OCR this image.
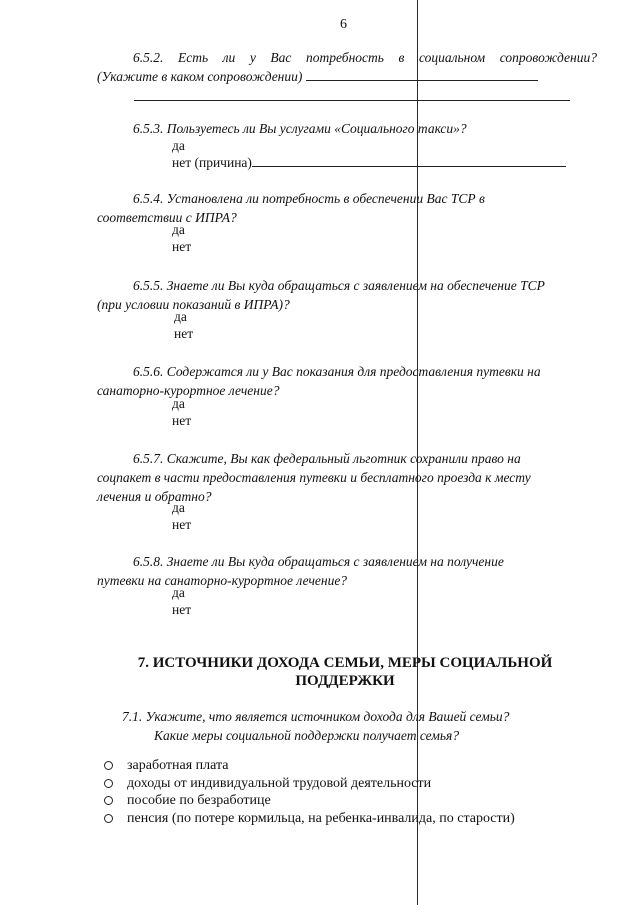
6
6.5.2. Есть ли у Вас потребность в социальном сопровождении?
(Укажите в каком сопровождении)
6.5.3. Пользуетесь ли Вы услугами «Социального такси»?
да
нет (причина)
6.5.4. Установлена ли потребность в обеспечении Вас ТСР в
соответствии с ИПРА?
да
нет
6.5.5. Знаете ли Вы куда обращаться с заявлением на обеспечение ТСР
(при условии показаний в ИПРА)?
да
нет
6.5.6. Содержатся ли у Вас показания для предоставления путевки на
санаторно-курортное лечение?
да
нет
6.5.7. Скажите, Вы как федеральный льготник сохранили право на
соцпакет в части предоставления путевки и бесплатного проезда к месту
лечения и обратно?
да
нет
6.5.8. Знаете ли Вы куда обращаться с заявлением на получение
путевки на санаторно-курортное лечение?
да
нет
7. ИСТОЧНИКИ ДОХОДА СЕМЬИ, МЕРЫ СОЦИАЛЬНОЙ
ПОДДЕРЖКИ
7.1. Укажите, что является источником дохода для Вашей семьи?
Какие меры социальной поддержки получает семья?
заработная плата
доходы от индивидуальной трудовой деятельности
пособие по безработице
пенсия (по потере кормильца, на ребенка-инвалида, по старости)
